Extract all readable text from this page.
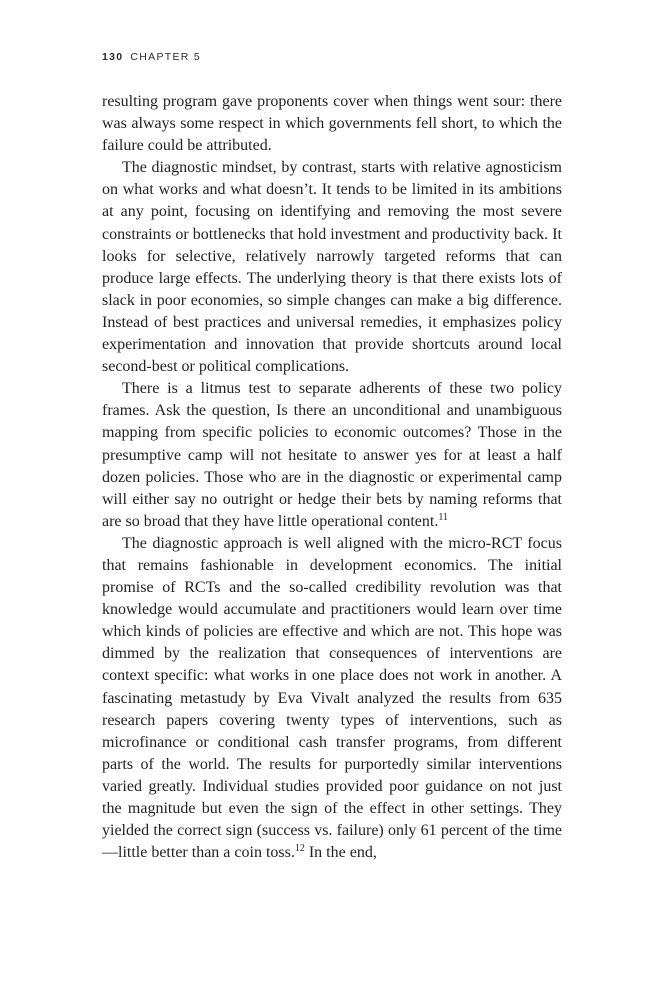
130 CHAPTER 5

resulting program gave proponents cover when things went sour: there was always some respect in which governments fell short, to which the failure could be attributed.

The diagnostic mindset, by contrast, starts with relative agnosticism on what works and what doesn’t. It tends to be limited in its ambitions at any point, focusing on identifying and removing the most severe constraints or bottlenecks that hold investment and productivity back. It looks for selective, relatively narrowly targeted reforms that can produce large effects. The underlying theory is that there exists lots of slack in poor economies, so simple changes can make a big difference. Instead of best practices and universal remedies, it emphasizes policy experimentation and innovation that provide shortcuts around local second-best or political complications.

There is a litmus test to separate adherents of these two policy frames. Ask the question, Is there an unconditional and unambiguous mapping from specific policies to economic outcomes? Those in the presumptive camp will not hesitate to answer yes for at least a half dozen policies. Those who are in the diagnostic or experimental camp will either say no outright or hedge their bets by naming reforms that are so broad that they have little operational content.$^{11}$

The diagnostic approach is well aligned with the micro-RCT focus that remains fashionable in development economics. The initial promise of RCTs and the so-called credibility revolution was that knowledge would accumulate and practitioners would learn over time which kinds of policies are effective and which are not. This hope was dimmed by the realization that consequences of interventions are context specific: what works in one place does not work in another. A fascinating metastudy by Eva Vivalt analyzed the results from 635 research papers covering twenty types of interventions, such as microfinance or conditional cash transfer programs, from different parts of the world. The results for purportedly similar interventions varied greatly. Individual studies provided poor guidance on not just the magnitude but even the sign of the effect in other settings. They yielded the correct sign (success vs. failure) only 61 percent of the time—little better than a coin toss.$^{12}$ In the end,
